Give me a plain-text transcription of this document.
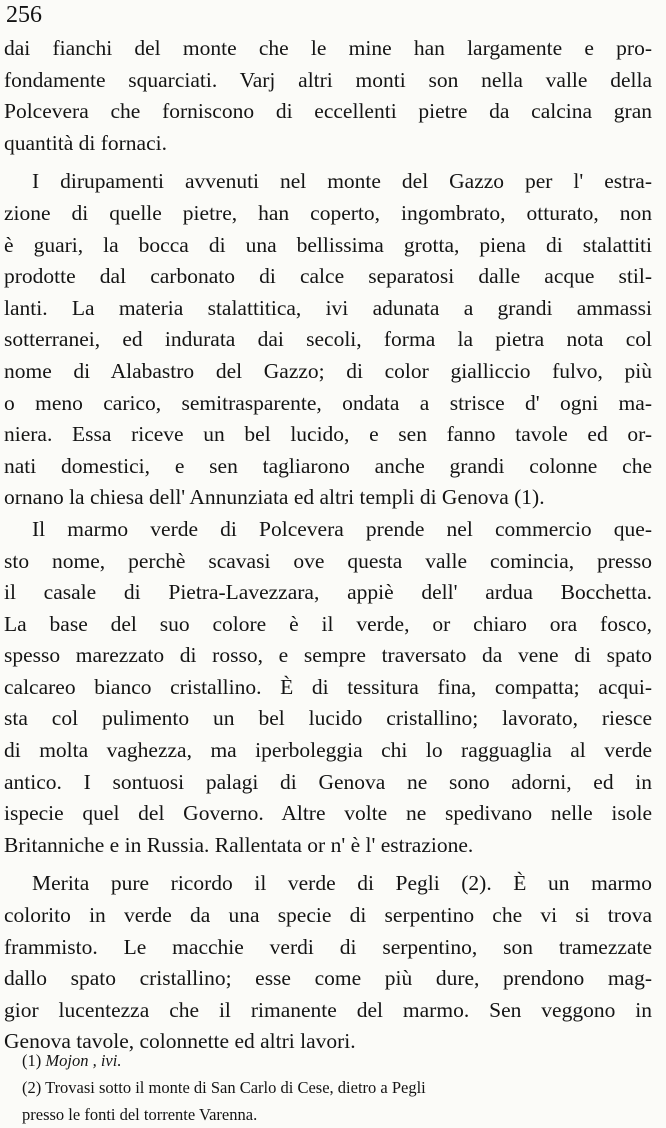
256
dai fianchi del monte che le mine han largamente e pro-
fondamente squarciati. Varj altri monti son nella valle della
Polcevera che forniscono di eccellenti pietre da calcina gran
quantità di fornaci.
I dirupamenti avvenuti nel monte del Gazzo per l' estra-
zione di quelle pietre, han coperto, ingombrato, otturato, non
è guari, la bocca di una bellissima grotta, piena di stalattiti
prodotte dal carbonato di calce separatosi dalle acque stil-
lanti. La materia stalattitica, ivi adunata a grandi ammassi
sotterranei, ed indurata dai secoli, forma la pietra nota col
nome di Alabastro del Gazzo; di color gialliccio fulvo, più
o meno carico, semitrasparente, ondata a strisce d' ogni ma-
niera. Essa riceve un bel lucido, e sen fanno tavole ed or-
nati domestici, e sen tagliarono anche grandi colonne che
ornano la chiesa dell' Annunziata ed altri templi di Genova (1).
Il marmo verde di Polcevera prende nel commercio que-
sto nome, perchè scavasi ove questa valle comincia, presso
il casale di Pietra-Lavezzara, appiè dell' ardua Bocchetta.
La base del suo colore è il verde, or chiaro ora fosco,
spesso marezzato di rosso, e sempre traversato da vene di spato
calcareo bianco cristallino. È di tessitura fina, compatta; acqui-
sta col pulimento un bel lucido cristallino; lavorato, riesce
di molta vaghezza, ma iperboleggia chi lo ragguaglia al verde
antico. I sontuosi palagi di Genova ne sono adorni, ed in
ispecie quel del Governo. Altre volte ne spedivano nelle isole
Britanniche e in Russia. Rallentata or n' è l' estrazione.
Merita pure ricordo il verde di Pegli (2). È un marmo
colorito in verde da una specie di serpentino che vi si trova
frammisto. Le macchie verdi di serpentino, son tramezzate
dallo spato cristallino; esse come più dure, prendono mag-
gior lucentezza che il rimanente del marmo. Sen veggono in
Genova tavole, colonnette ed altri lavori.
(1) Mojon , ivi.
(2) Trovasi sotto il monte di San Carlo di Cese, dietro a Pegli
presso le fonti del torrente Varenna.
